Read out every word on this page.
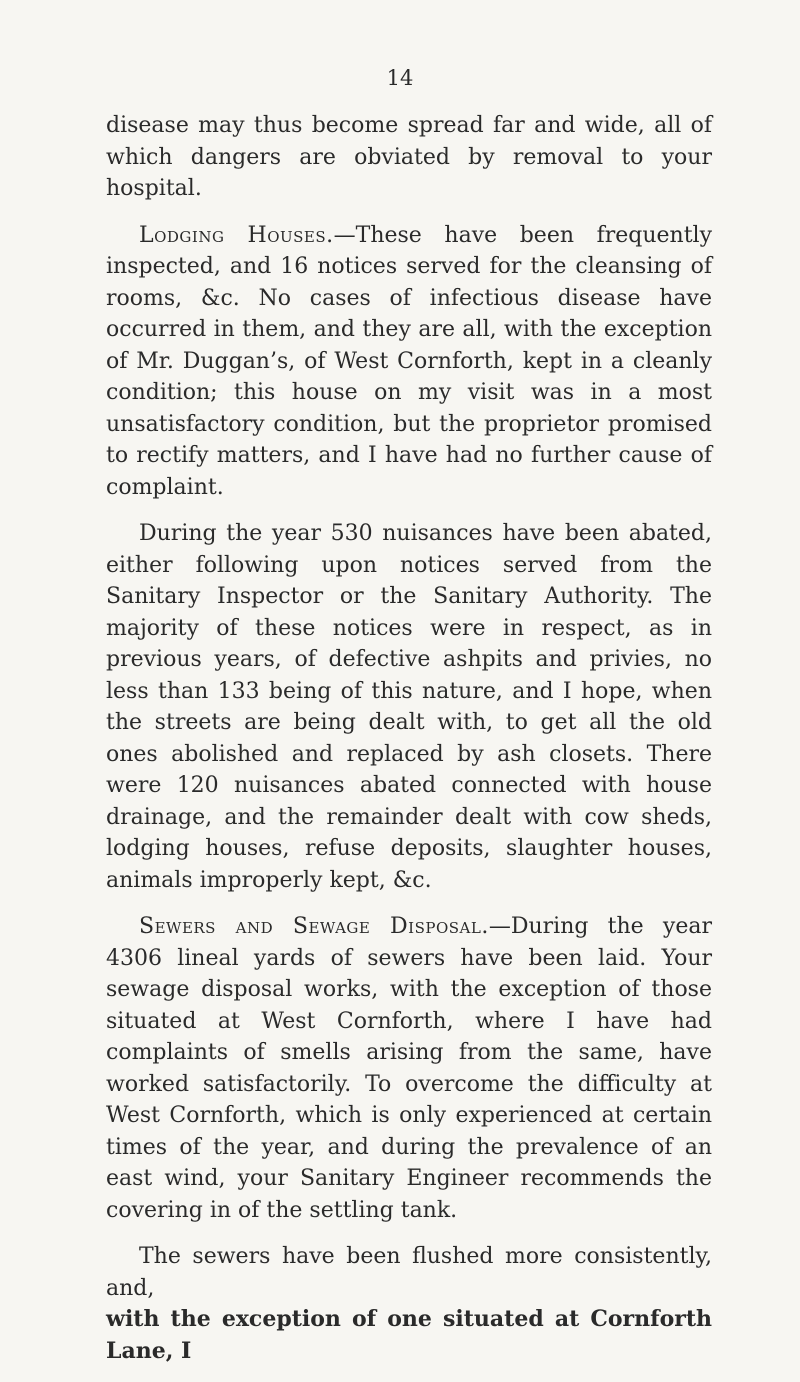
14

disease may thus become spread far and wide, all of which dangers are obviated by removal to your hospital.

Lodging Houses.—These have been frequently inspected, and 16 notices served for the cleansing of rooms, &c. No cases of infectious disease have occurred in them, and they are all, with the exception of Mr. Duggan’s, of West Cornforth, kept in a cleanly condition; this house on my visit was in a most unsatisfactory condition, but the proprietor promised to rectify matters, and I have had no further cause of complaint.

During the year 530 nuisances have been abated, either following upon notices served from the Sanitary Inspector or the Sanitary Authority. The majority of these notices were in respect, as in previous years, of defective ashpits and privies, no less than 133 being of this nature, and I hope, when the streets are being dealt with, to get all the old ones abolished and replaced by ash closets. There were 120 nuisances abated connected with house drainage, and the remainder dealt with cow sheds, lodging houses, refuse deposits, slaughter houses, animals improperly kept, &c.

Sewers and Sewage Disposal.—During the year 4306 lineal yards of sewers have been laid. Your sewage disposal works, with the exception of those situated at West Cornforth, where I have had complaints of smells arising from the same, have worked satisfactorily. To overcome the difficulty at West Cornforth, which is only experienced at certain times of the year, and during the prevalence of an east wind, your Sanitary Engineer recommends the covering in of the settling tank.

The sewers have been flushed more consistently, and,
with the exception of one situated at Cornforth Lane, I
